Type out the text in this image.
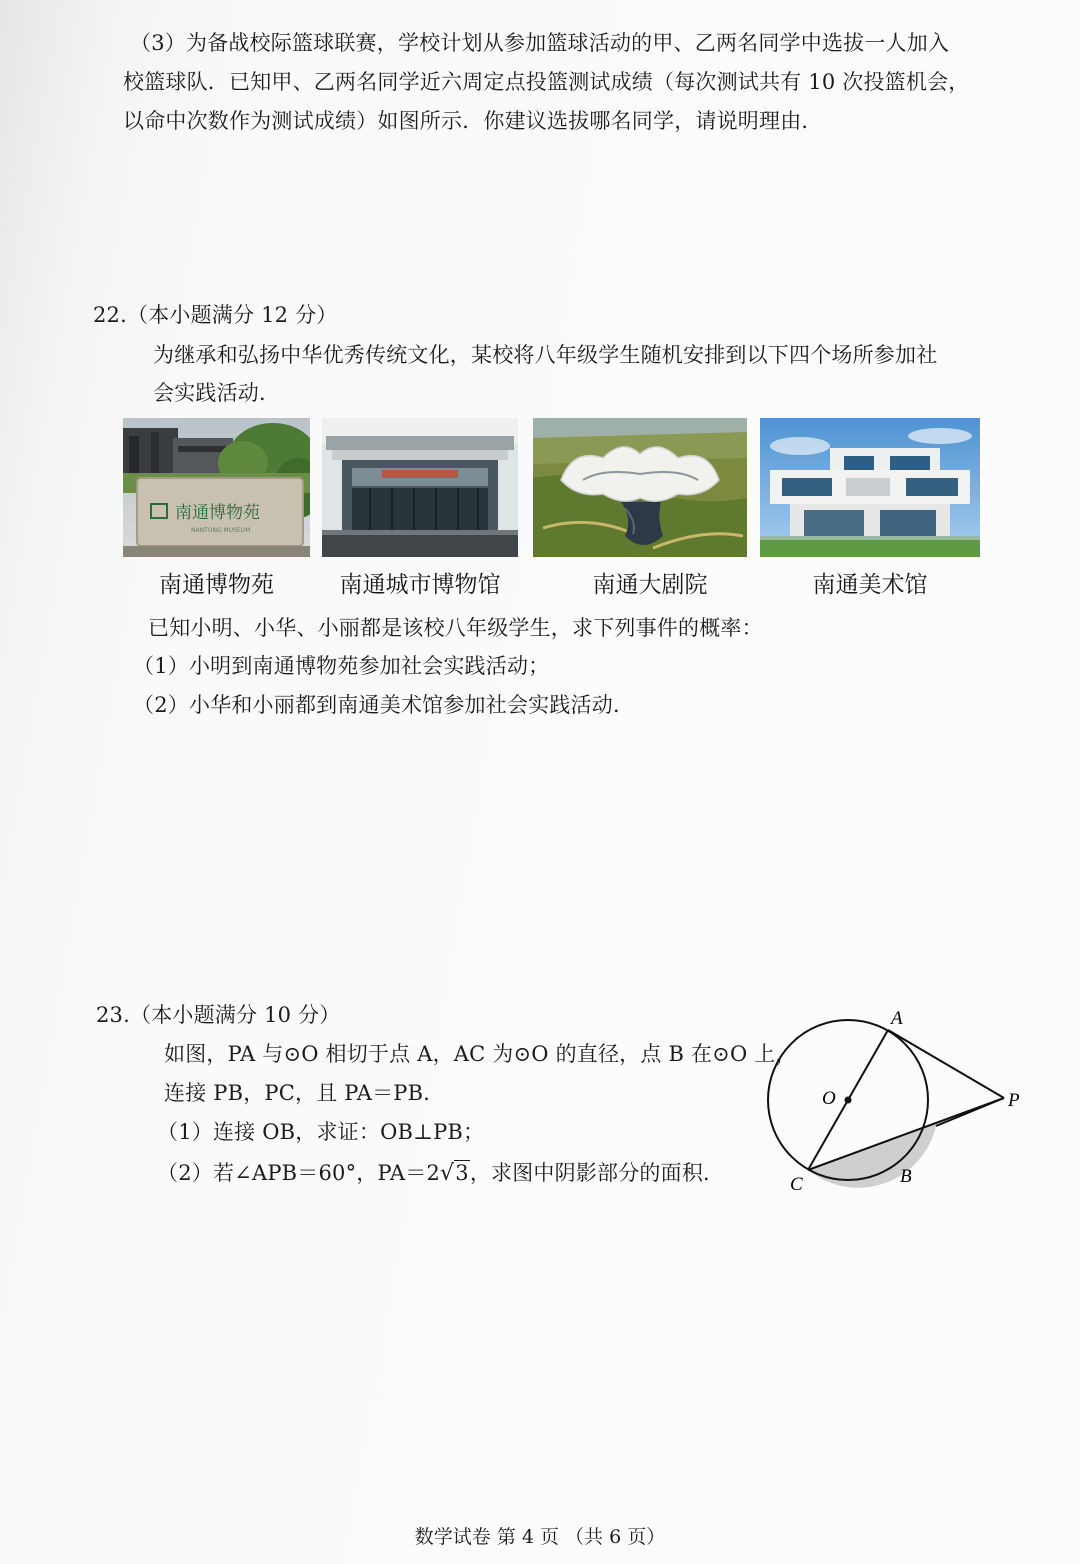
（3）为备战校际篮球联赛，学校计划从参加篮球活动的甲、乙两名同学中选拔一人加入
校篮球队．已知甲、乙两名同学近六周定点投篮测试成绩（每次测试共有 10 次投篮机会，
以命中次数作为测试成绩）如图所示．你建议选拔哪名同学，请说明理由．
22.（本小题满分 12 分）
为继承和弘扬中华优秀传统文化，某校将八年级学生随机安排到以下四个场所参加社
会实践活动．
南通博物苑
NANTONG MUSEUM
南通博物苑	南通城市博物馆	南通大剧院	南通美术馆
已知小明、小华、小丽都是该校八年级学生，求下列事件的概率：
（1）小明到南通博物苑参加社会实践活动；
（2）小华和小丽都到南通美术馆参加社会实践活动．
23.（本小题满分 10 分）
如图，PA 与⊙O 相切于点 A，AC 为⊙O 的直径，点 B 在⊙O 上，
连接 PB，PC，且 PA＝PB．
（1）连接 OB，求证：OB⊥PB；
（2）若∠APB＝60°，PA＝2√3，求图中阴影部分的面积．
A
O	P
C	B
数学试卷 第 4 页 （共 6 页）
